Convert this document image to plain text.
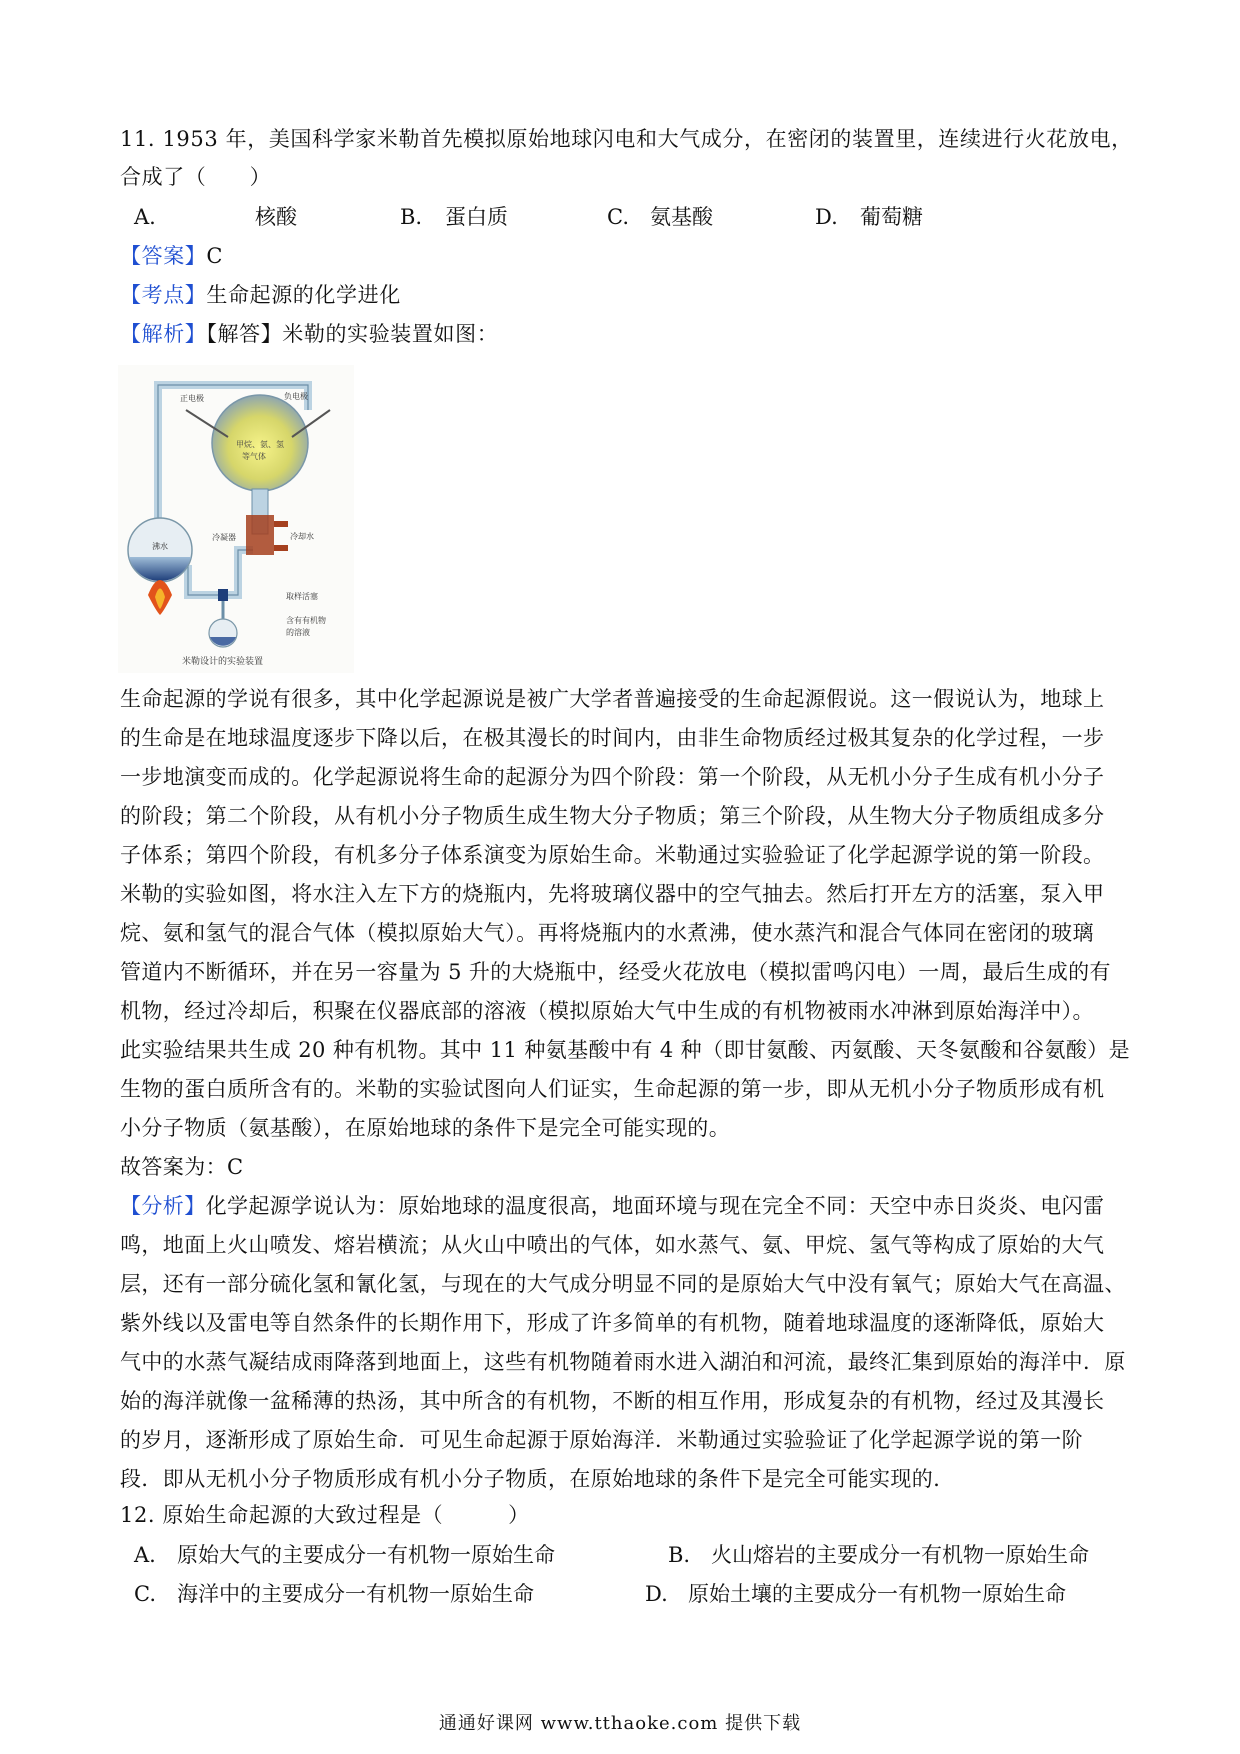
11. 1953 年，美国科学家米勒首先模拟原始地球闪电和大气成分，在密闭的装置里，连续进行火花放电，
合成了（　　）
A.	核酸	B. 蛋白质	C. 氨基酸	D. 葡萄糖
【答案】C
【考点】生命起源的化学进化
【解析】【解答】米勒的实验装置如图：
正电极	负电极
甲烷、氨、氢
等气体
冷凝器	冷却水
沸水
取样活塞
含有有机物
的溶液
米勒设计的实验装置
生命起源的学说有很多，其中化学起源说是被广大学者普遍接受的生命起源假说。这一假说认为，地球上
的生命是在地球温度逐步下降以后，在极其漫长的时间内，由非生命物质经过极其复杂的化学过程，一步
一步地演变而成的。化学起源说将生命的起源分为四个阶段：第一个阶段，从无机小分子生成有机小分子
的阶段；第二个阶段，从有机小分子物质生成生物大分子物质；第三个阶段，从生物大分子物质组成多分
子体系；第四个阶段，有机多分子体系演变为原始生命。米勒通过实验验证了化学起源学说的第一阶段。
米勒的实验如图，将水注入左下方的烧瓶内，先将玻璃仪器中的空气抽去。然后打开左方的活塞，泵入甲
烷、氨和氢气的混合气体（模拟原始大气）。再将烧瓶内的水煮沸，使水蒸汽和混合气体同在密闭的玻璃
管道内不断循环，并在另一容量为 5 升的大烧瓶中，经受火花放电（模拟雷鸣闪电）一周，最后生成的有
机物，经过冷却后，积聚在仪器底部的溶液（模拟原始大气中生成的有机物被雨水冲淋到原始海洋中）。
此实验结果共生成 20 种有机物。其中 11 种氨基酸中有 4 种（即甘氨酸、丙氨酸、天冬氨酸和谷氨酸）是
生物的蛋白质所含有的。米勒的实验试图向人们证实，生命起源的第一步，即从无机小分子物质形成有机
小分子物质（氨基酸），在原始地球的条件下是完全可能实现的。
故答案为：C
【分析】化学起源学说认为：原始地球的温度很高，地面环境与现在完全不同：天空中赤日炎炎、电闪雷
鸣，地面上火山喷发、熔岩横流；从火山中喷出的气体，如水蒸气、氨、甲烷、氢气等构成了原始的大气
层，还有一部分硫化氢和氰化氢，与现在的大气成分明显不同的是原始大气中没有氧气；原始大气在高温、
紫外线以及雷电等自然条件的长期作用下，形成了许多简单的有机物，随着地球温度的逐渐降低，原始大
气中的水蒸气凝结成雨降落到地面上，这些有机物随着雨水进入湖泊和河流，最终汇集到原始的海洋中．原
始的海洋就像一盆稀薄的热汤，其中所含的有机物，不断的相互作用，形成复杂的有机物，经过及其漫长
的岁月，逐渐形成了原始生命．可见生命起源于原始海洋．米勒通过实验验证了化学起源学说的第一阶
段．即从无机小分子物质形成有机小分子物质，在原始地球的条件下是完全可能实现的．
12. 原始生命起源的大致过程是（　　　）
A. 原始大气的主要成分一有机物一原始生命	B. 火山熔岩的主要成分一有机物一原始生命
C. 海洋中的主要成分一有机物一原始生命	D. 原始土壤的主要成分一有机物一原始生命
通通好课网 www.tthaoke.com 提供下载
